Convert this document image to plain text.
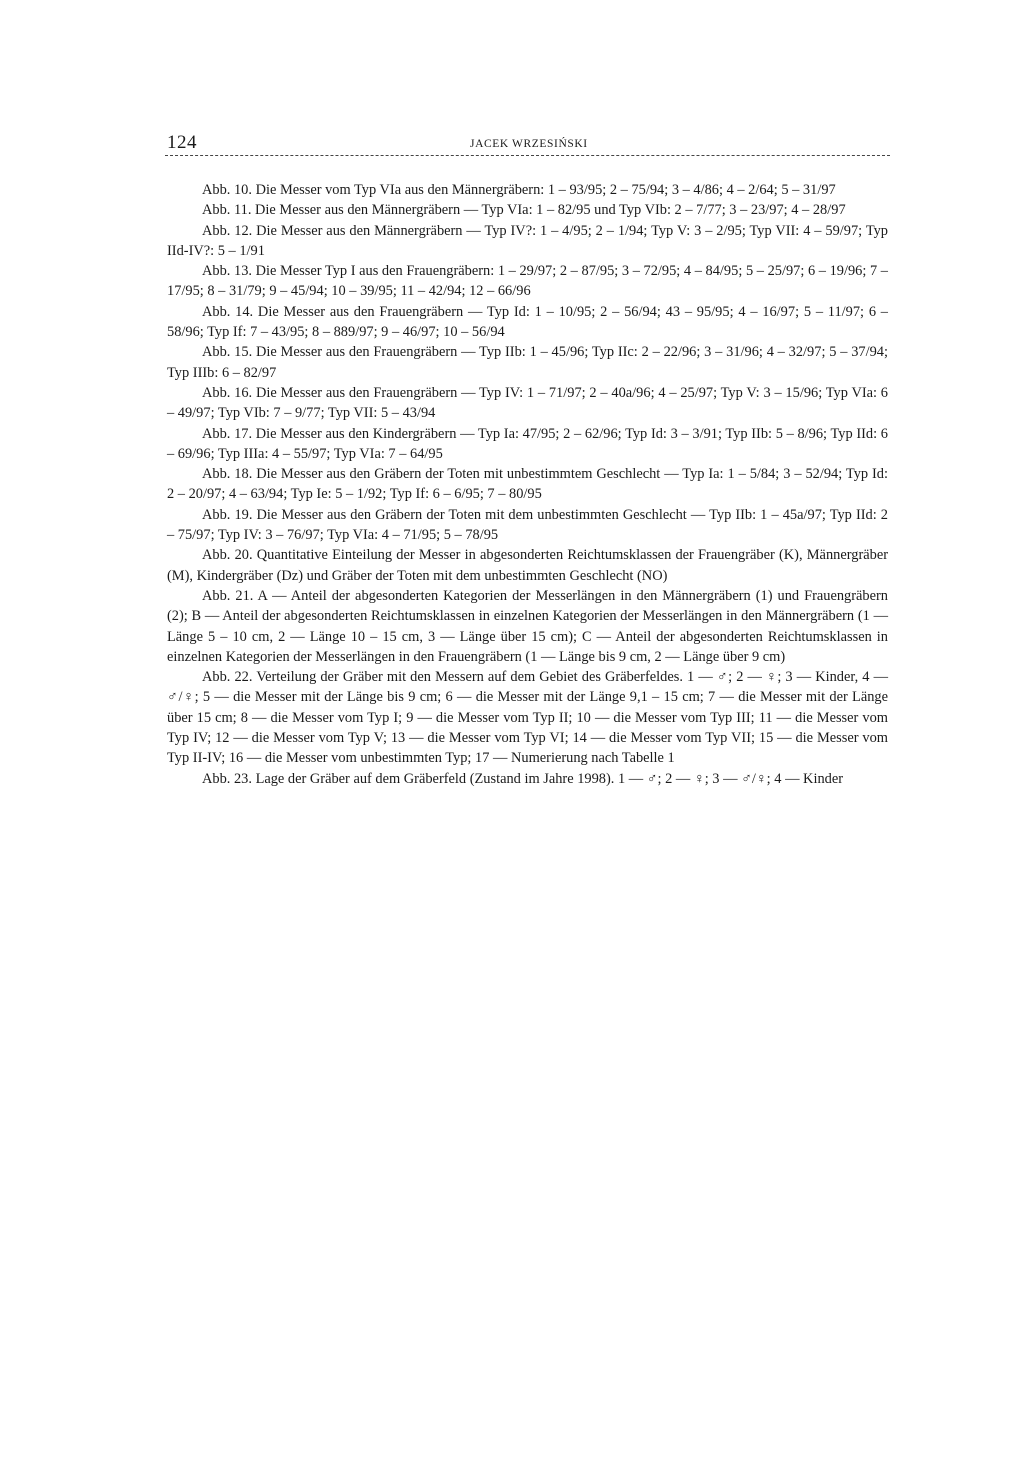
124	JACEK WRZESIŃSKI

Abb. 10. Die Messer vom Typ VIa aus den Männergräbern: 1 – 93/95; 2 – 75/94; 3 – 4/86; 4 – 2/64; 5 – 31/97

Abb. 11. Die Messer aus den Männergräbern — Typ VIa: 1 – 82/95 und Typ VIb: 2 – 7/77; 3 – 23/97; 4 – 28/97

Abb. 12. Die Messer aus den Männergräbern — Typ IV?: 1 – 4/95; 2 – 1/94; Typ V: 3 – 2/95; Typ VII: 4 – 59/97; Typ IId-IV?: 5 – 1/91

Abb. 13. Die Messer Typ I aus den Frauengräbern: 1 – 29/97; 2 – 87/95; 3 – 72/95; 4 – 84/95; 5 – 25/97; 6 – 19/96; 7 – 17/95; 8 – 31/79; 9 – 45/94; 10 – 39/95; 11 – 42/94; 12 – 66/96

Abb. 14. Die Messer aus den Frauengräbern — Typ Id: 1 – 10/95; 2 – 56/94; 43 – 95/95; 4 – 16/97; 5 – 11/97; 6 – 58/96; Typ If: 7 – 43/95; 8 – 889/97; 9 – 46/97; 10 – 56/94

Abb. 15. Die Messer aus den Frauengräbern — Typ IIb: 1 – 45/96; Typ IIc: 2 – 22/96; 3 – 31/96; 4 – 32/97; 5 – 37/94; Typ IIIb: 6 – 82/97

Abb. 16. Die Messer aus den Frauengräbern — Typ IV: 1 – 71/97; 2 – 40a/96; 4 – 25/97; Typ V: 3 – 15/96; Typ VIa: 6 – 49/97; Typ VIb: 7 – 9/77; Typ VII: 5 – 43/94

Abb. 17. Die Messer aus den Kindergräbern — Typ Ia: 47/95; 2 – 62/96; Typ Id: 3 – 3/91; Typ IIb: 5 – 8/96; Typ IId: 6 – 69/96; Typ IIIa: 4 – 55/97; Typ VIa: 7 – 64/95

Abb. 18. Die Messer aus den Gräbern der Toten mit unbestimmtem Geschlecht — Typ Ia: 1 – 5/84; 3 – 52/94; Typ Id: 2 – 20/97; 4 – 63/94; Typ Ie: 5 – 1/92; Typ If: 6 – 6/95; 7 – 80/95

Abb. 19. Die Messer aus den Gräbern der Toten mit dem unbestimmten Geschlecht — Typ IIb: 1 – 45a/97; Typ IId: 2 – 75/97; Typ IV: 3 – 76/97; Typ VIa: 4 – 71/95; 5 – 78/95

Abb. 20. Quantitative Einteilung der Messer in abgesonderten Reichtumsklassen der Frauengräber (K), Männergräber (M), Kindergräber (Dz) und Gräber der Toten mit dem unbestimmten Geschlecht (NO)

Abb. 21. A — Anteil der abgesonderten Kategorien der Messerlängen in den Männergräbern (1) und Frauengräbern (2); B — Anteil der abgesonderten Reichtumsklassen in einzelnen Kategorien der Messerlängen in den Männergräbern (1 — Länge 5 – 10 cm, 2 — Länge 10 – 15 cm, 3 — Länge über 15 cm); C — Anteil der abgesonderten Reichtumsklassen in einzelnen Kategorien der Messerlängen in den Frauengräbern (1 — Länge bis 9 cm, 2 — Länge über 9 cm)

Abb. 22. Verteilung der Gräber mit den Messern auf dem Gebiet des Gräberfeldes. 1 — ♂; 2 — ♀; 3 — Kinder, 4 — ♂/♀; 5 — die Messer mit der Länge bis 9 cm; 6 — die Messer mit der Länge 9,1 – 15 cm; 7 — die Messer mit der Länge über 15 cm; 8 — die Messer vom Typ I; 9 — die Messer vom Typ II; 10 — die Messer vom Typ III; 11 — die Messer vom Typ IV; 12 — die Messer vom Typ V; 13 — die Messer vom Typ VI; 14 — die Messer vom Typ VII; 15 — die Messer vom Typ II-IV; 16 — die Messer vom unbestimmten Typ; 17 — Numerierung nach Tabelle 1

Abb. 23. Lage der Gräber auf dem Gräberfeld (Zustand im Jahre 1998). 1 — ♂; 2 — ♀; 3 — ♂/♀; 4 — Kinder
